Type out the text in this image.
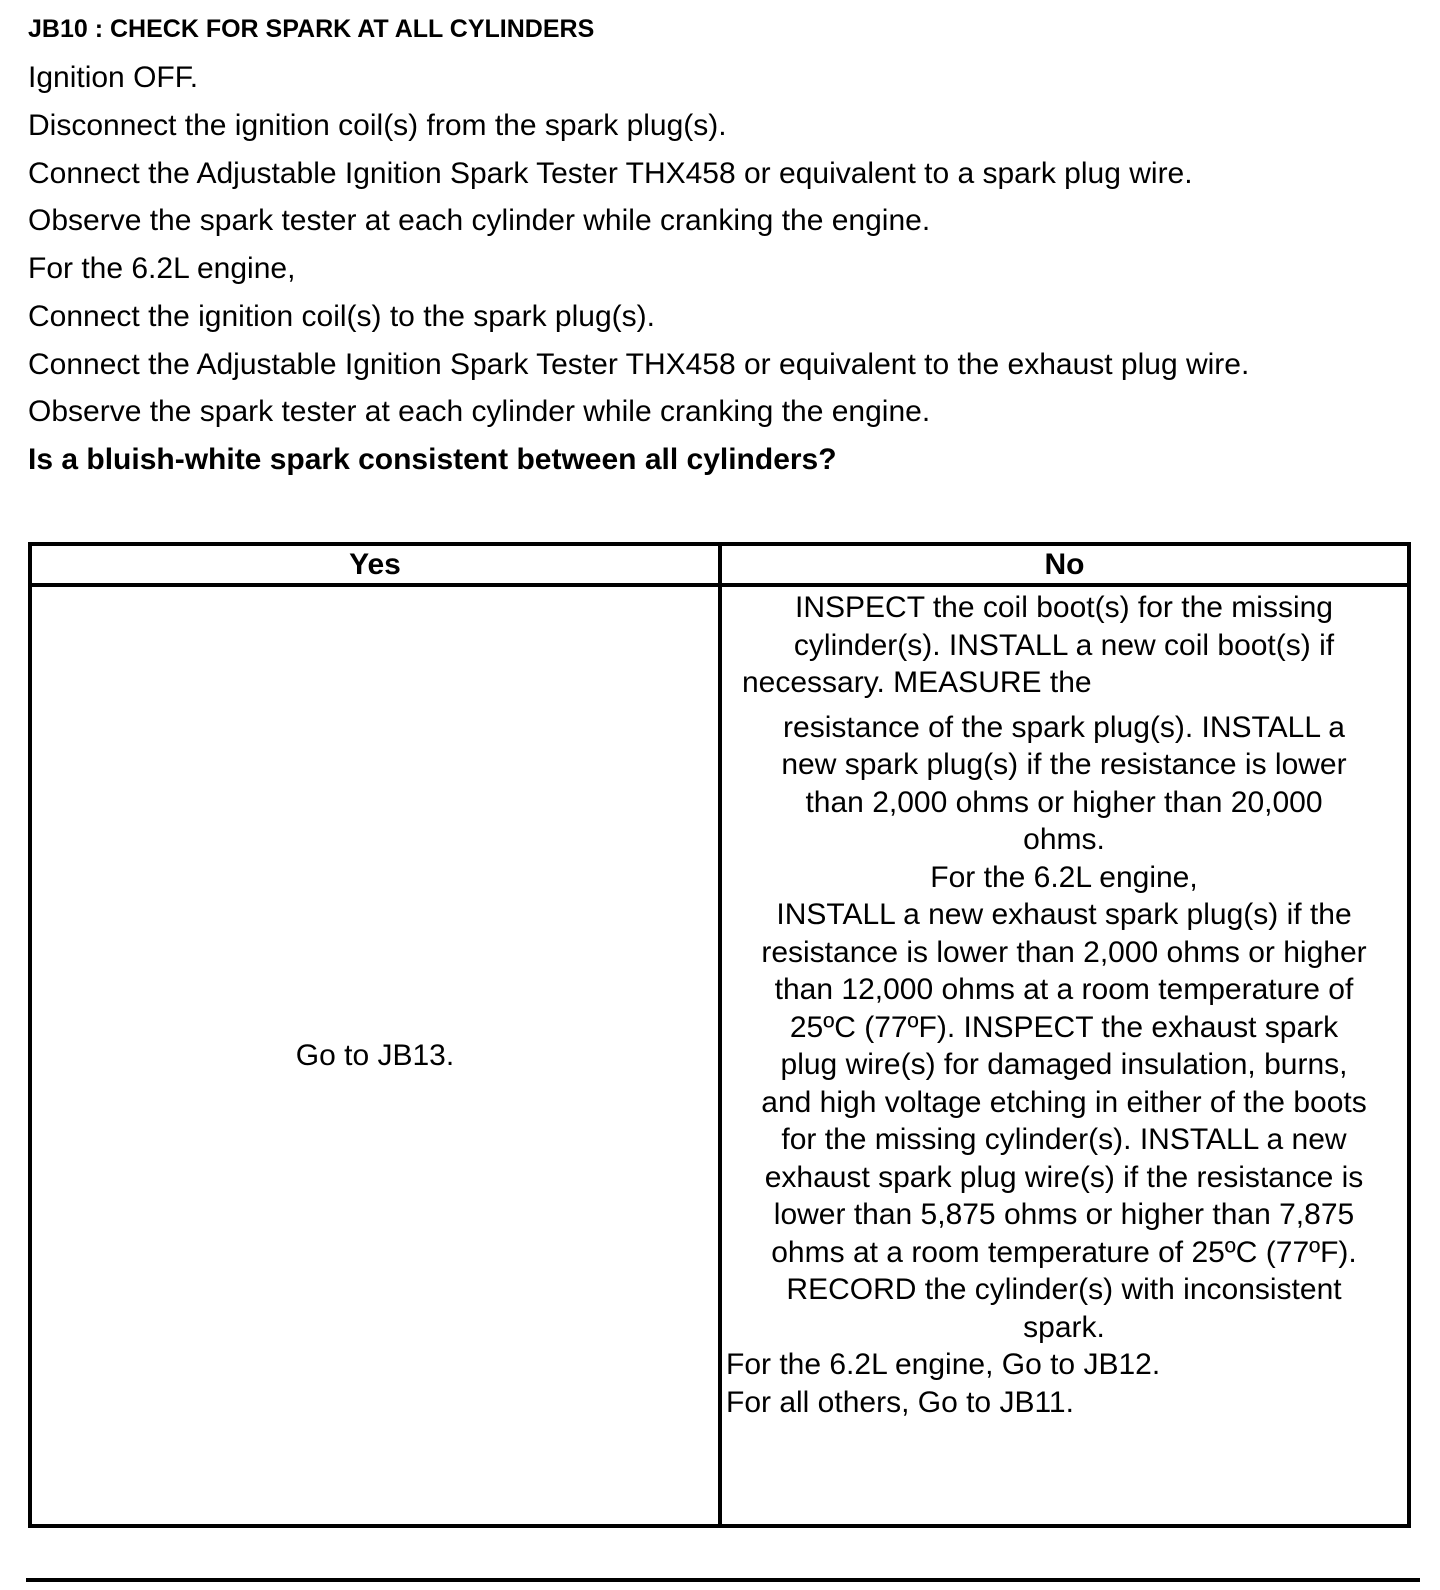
JB10 : CHECK FOR SPARK AT ALL CYLINDERS
Ignition OFF.
Disconnect the ignition coil(s) from the spark plug(s).
Connect the Adjustable Ignition Spark Tester THX458 or equivalent to a spark plug wire.
Observe the spark tester at each cylinder while cranking the engine.
For the 6.2L engine,
Connect the ignition coil(s) to the spark plug(s).
Connect the Adjustable Ignition Spark Tester THX458 or equivalent to the exhaust plug wire.
Observe the spark tester at each cylinder while cranking the engine.
Is a bluish-white spark consistent between all cylinders?
Yes	No
Go to JB13.
INSPECT the coil boot(s) for the missing
cylinder(s). INSTALL a new coil boot(s) if
necessary. MEASURE the
resistance of the spark plug(s). INSTALL a
new spark plug(s) if the resistance is lower
than 2,000 ohms or higher than 20,000
ohms.
For the 6.2L engine,
INSTALL a new exhaust spark plug(s) if the
resistance is lower than 2,000 ohms or higher
than 12,000 ohms at a room temperature of
25ºC (77ºF). INSPECT the exhaust spark
plug wire(s) for damaged insulation, burns,
and high voltage etching in either of the boots
for the missing cylinder(s). INSTALL a new
exhaust spark plug wire(s) if the resistance is
lower than 5,875 ohms or higher than 7,875
ohms at a room temperature of 25ºC (77ºF).
RECORD the cylinder(s) with inconsistent
spark.
For the 6.2L engine, Go to JB12.
For all others, Go to JB11.
